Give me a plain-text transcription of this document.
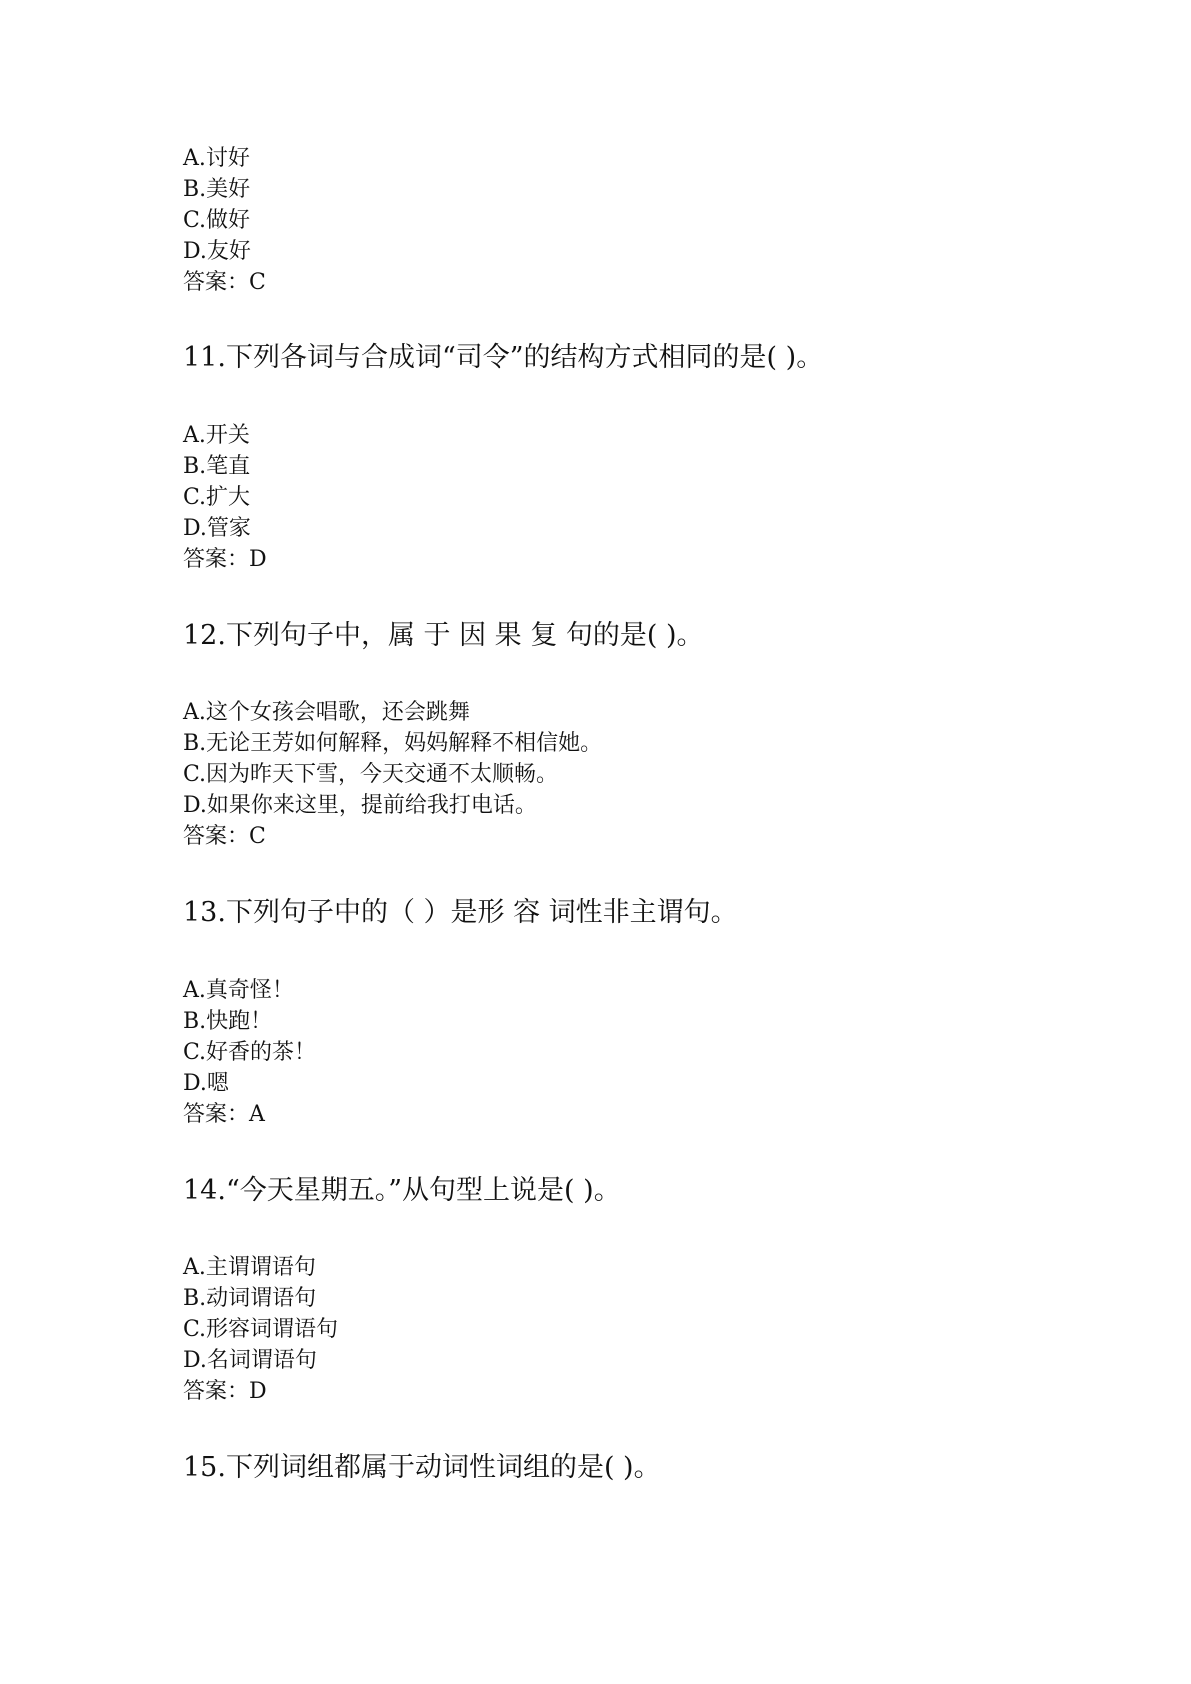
A.讨好
B.美好
C.做好
D.友好
答案：C
11.下列各词与合成词“司令”的结构方式相同的是( )。
A.开关
B.笔直
C.扩大
D.管家
答案：D
12.下列句子中，属 于 因 果 复 句的是( )。
A.这个女孩会唱歌，还会跳舞
B.无论王芳如何解释，妈妈解释不相信她。
C.因为昨天下雪，今天交通不太顺畅。
D.如果你来这里，提前给我打电话。
答案：C
13.下列句子中的（ ）是形 容 词性非主谓句。
A.真奇怪！
B.快跑！
C.好香的茶！
D.嗯
答案：A
14.“今天星期五。”从句型上说是( )。
A.主谓谓语句
B.动词谓语句
C.形容词谓语句
D.名词谓语句
答案：D
15.下列词组都属于动词性词组的是( )。
